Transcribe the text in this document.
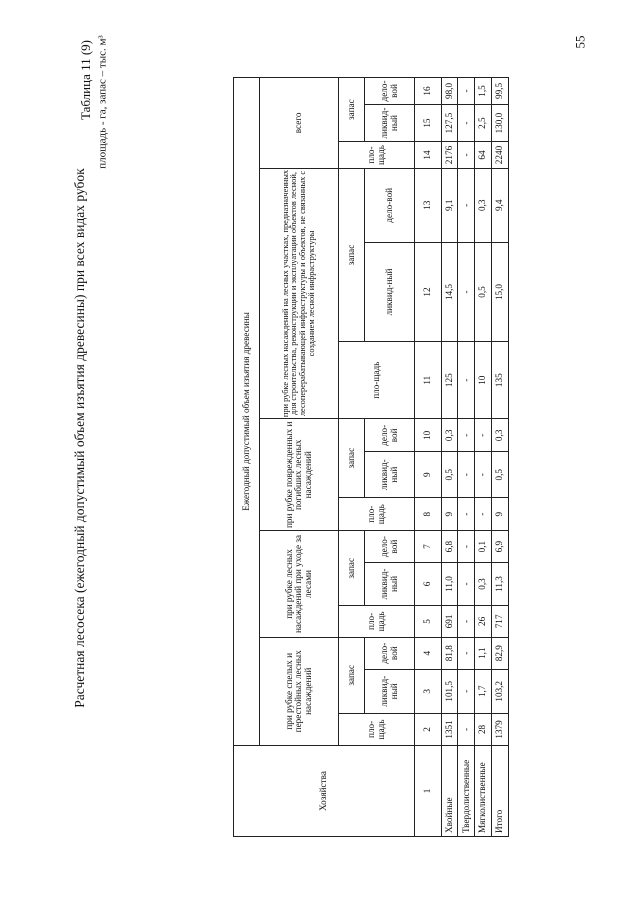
55
Таблица 11 (9)
Расчетная лесосека (ежегодный допустимый объем изъятия древесины) при всех видах рубок
площадь - га, запас – тыс. м³
Хозяйства	Ежегодный допустимый объем изъятия древесины														
	при рубке спелых и перестойных лесных насаждений			при рубке лесных насаждений при уходе за лесами			при рубке поврежденных и погибших лесных насаждений			при рубке лесных насаждений на лесных участках, предназначенных для строительства, реконструкции и эксплуатации объектов лесной, лесоперерабатывающей инфраструктуры и объектов, не связанных с созданием лесной инфраструктуры			всего		
	пло-щадь	запас		пло-щадь	запас		пло-щадь	запас		пло-щадь	запас		пло-щадь	запас	
		ликвид-ный	дело-вой		ликвид-ный	дело-вой		ликвид-ный	дело-вой		ликвид-ный	дело-вой		ликвид-ный	дело-вой
1	2	3	4	5	6	7	8	9	10	11	12	13	14	15	16
Хвойные	1351	101,5	81,8	691	11,0	6,8	9	0,5	0,3	125	14,5	9,1	2176	127,5	98,0
Твердолиственные	-	-	-	-	-	-	-	-	-	-	-	-	-	-	-
Мягколиственные	28	1,7	1,1	26	0,3	0,1	-	-	-	10	0,5	0,3	64	2,5	1,5
Итого	1379	103,2	82,9	717	11,3	6,9	9	0,5	0,3	135	15,0	9,4	2240	130,0	99,5
